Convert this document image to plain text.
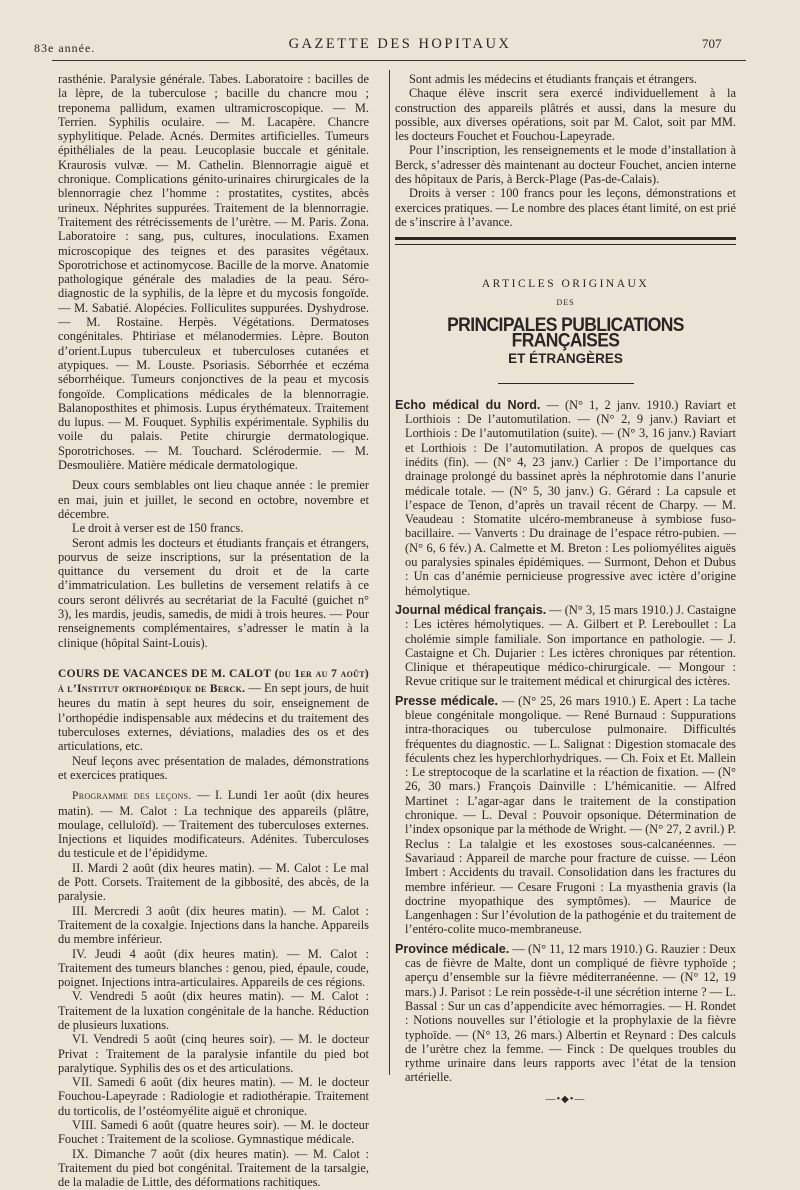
83e année.	GAZETTE DES HOPITAUX	707

rasthénie. Paralysie générale. Tabes. Laboratoire : bacilles de la lèpre, de la tuberculose ; bacille du chancre mou ; treponema pallidum, examen ultramicroscopique. — M. Terrien. Syphilis oculaire. — M. Lacapère. Chancre syphylitique. Pelade. Acnés. Dermites artificielles. Tumeurs épithéliales de la peau. Leucoplasie buccale et génitale. Kraurosis vulvæ. — M. Cathelin. Blennorragie aiguë et chronique. Complications génito-urinaires chirurgicales de la blennorragie chez l’homme : prostatites, cystites, abcès urineux. Néphrites suppurées. Traitement de la blennorragie. Traitement des rétrécissements de l’urètre. — M. Paris. Zona. Laboratoire : sang, pus, cultures, inoculations. Examen microscopique des teignes et des parasites végétaux. Sporotrichose et actinomycose. Bacille de la morve. Anatomie pathologique générale des maladies de la peau. Séro-diagnostic de la syphilis, de la lèpre et du mycosis fongoïde. — M. Sabatié. Alopécies. Folliculites suppurées. Dyshydrose. — M. Rostaine. Herpès. Végétations. Dermatoses congénitales. Phtiriase et mélanodermies. Lèpre. Bouton d’orient.Lupus tuberculeux et tuberculoses cutanées et atypiques. — M. Louste. Psoriasis. Séborrhée et eczéma séborrhéique. Tumeurs conjonctives de la peau et mycosis fongoïde. Complications médicales de la blennorragie. Balanoposthites et phimosis. Lupus érythémateux. Traitement du lupus. — M. Fouquet. Syphilis expérimentale. Syphilis du voile du palais. Petite chirurgie dermatologique. Sporotrichoses. — M. Touchard. Sclérodermie. — M. Desmoulière. Matière médicale dermatologique.

Deux cours semblables ont lieu chaque année : le premier en mai, juin et juillet, le second en octobre, novembre et décembre.

Le droit à verser est de 150 francs.

Seront admis les docteurs et étudiants français et étrangers, pourvus de seize inscriptions, sur la présentation de la quittance du versement du droit et de la carte d’immatriculation. Les bulletins de versement relatifs à ce cours seront délivrés au secrétariat de la Faculté (guichet n° 3), les mardis, jeudis, samedis, de midi à trois heures. — Pour renseignements complémentaires, s’adresser le matin à la clinique (hôpital Saint-Louis).

COURS DE VACANCES DE M. CALOT (du 1er au 7 août) à l’Institut orthopédique de Berck. — En sept jours, de huit heures du matin à sept heures du soir, enseignement de l’orthopédie indispensable aux médecins et du traitement des tuberculoses externes, déviations, maladies des os et des articulations, etc.

Neuf leçons avec présentation de malades, démonstrations et exercices pratiques.

Programme des leçons. — I. Lundi 1er août (dix heures matin). — M. Calot : La technique des appareils (plâtre, moulage, celluloïd). — Traitement des tuberculoses externes. Injections et liquides modificateurs. Adénites. Tuberculoses du testicule et de l’épididyme.

II. Mardi 2 août (dix heures matin). — M. Calot : Le mal de Pott. Corsets. Traitement de la gibbosité, des abcès, de la paralysie.

III. Mercredi 3 août (dix heures matin). — M. Calot : Traitement de la coxalgie. Injections dans la hanche. Appareils du membre inférieur.

IV. Jeudi 4 août (dix heures matin). — M. Calot : Traitement des tumeurs blanches : genou, pied, épaule, coude, poignet. Injections intra-articulaires. Appareils de ces régions.

V. Vendredi 5 août (dix heures matin). — M. Calot : Traitement de la luxation congénitale de la hanche. Réduction de plusieurs luxations.

VI. Vendredi 5 août (cinq heures soir). — M. le docteur Privat : Traitement de la paralysie infantile du pied bot paralytique. Syphilis des os et des articulations.

VII. Samedi 6 août (dix heures matin). — M. le docteur Fouchou-Lapeyrade : Radiologie et radiothérapie. Traitement du torticolis, de l’ostéomyélite aiguë et chronique.

VIII. Samedi 6 août (quatre heures soir). — M. le docteur Fouchet : Traitement de la scoliose. Gymnastique médicale.

IX. Dimanche 7 août (dix heures matin). — M. Calot : Traitement du pied bot congénital. Traitement de la tarsalgie, de la maladie de Little, des déformations rachitiques.

Sont admis les médecins et étudiants français et étrangers.

Chaque élève inscrit sera exercé individuellement à la construction des appareils plâtrés et aussi, dans la mesure du possible, aux diverses opérations, soit par M. Calot, soit par MM. les docteurs Fouchet et Fouchou-Lapeyrade.

Pour l’inscription, les renseignements et le mode d’installation à Berck, s’adresser dès maintenant au docteur Fouchet, ancien interne des hôpitaux de Paris, à Berck-Plage (Pas-de-Calais).

Droits à verser : 100 francs pour les leçons, démonstrations et exercices pratiques. — Le nombre des places étant limité, on est prié de s’inscrire à l’avance.

ARTICLES ORIGINAUX
DES
PRINCIPALES PUBLICATIONS FRANÇAISES
ET ÉTRANGÈRES

Echo médical du Nord. — (N° 1, 2 janv. 1910.) Raviart et Lorthiois : De l’automutilation. — (N° 2, 9 janv.) Raviart et Lorthiois : De l’automutilation (suite). — (N° 3, 16 janv.) Raviart et Lorthiois : De l’automutilation. A propos de quelques cas inédits (fin). — (N° 4, 23 janv.) Carlier : De l’importance du drainage prolongé du bassinet après la néphrotomie dans l’anurie médicale totale. — (N° 5, 30 janv.) G. Gérard : La capsule et l’espace de Tenon, d’après un travail récent de Charpy. — M. Veaudeau : Stomatite ulcéro-membraneuse à symbiose fuso-bacillaire. — Vanverts : Du drainage de l’espace rétro-pubien. — (N° 6, 6 fév.) A. Calmette et M. Breton : Les poliomyélites aiguës ou paralysies spinales épidémiques. — Surmont, Dehon et Dubus : Un cas d’anémie pernicieuse progressive avec ictère d’origine hémolytique.

Journal médical français. — (N° 3, 15 mars 1910.) J. Castaigne : Les ictères hémolytiques. — A. Gilbert et P. Lereboullet : La cholémie simple familiale. Son importance en pathologie. — J. Castaigne et Ch. Dujarier : Les ictères chroniques par rétention. Clinique et thérapeutique médico-chirurgicale. — Mongour : Revue critique sur le traitement médical et chirurgical des ictères.

Presse médicale. — (N° 25, 26 mars 1910.) E. Apert : La tache bleue congénitale mongolique. — René Burnaud : Suppurations intra-thoraciques ou tuberculose pulmonaire. Difficultés fréquentes du diagnostic. — L. Salignat : Digestion stomacale des féculents chez les hyperchlorhydriques. — Ch. Foix et Et. Mallein : Le streptocoque de la scarlatine et la réaction de fixation. — (N° 26, 30 mars.) François Dainville : L’hémicanitie. — Alfred Martinet : L’agar-agar dans le traitement de la constipation chronique. — L. Deval : Pouvoir opsonique. Détermination de l’index opsonique par la méthode de Wright. — (N° 27, 2 avril.) P. Reclus : La talalgie et les exostoses sous-calcanéennes. — Savariaud : Appareil de marche pour fracture de cuisse. — Léon Imbert : Accidents du travail. Consolidation dans les fractures du membre inférieur. — Cesare Frugoni : La myasthenia gravis (la doctrine myopathique des symptômes). — Maurice de Langenhagen : Sur l’évolution de la pathogénie et du traitement de l’entéro-colite muco-membraneuse.

Province médicale. — (N° 11, 12 mars 1910.) G. Rauzier : Deux cas de fièvre de Malte, dont un compliqué de fièvre typhoïde ; aperçu d’ensemble sur la fièvre méditerranéenne. — (N° 12, 19 mars.) J. Parisot : Le rein possède-t-il une sécrétion interne ? — L. Bassal : Sur un cas d’appendicite avec hémorragies. — H. Rondet : Notions nouvelles sur l’étiologie et la prophylaxie de la fièvre typhoïde. — (N° 13, 26 mars.) Albertin et Reynard : Des calculs de l’urètre chez la femme. — Finck : De quelques troubles du rythme urinaire dans leurs rapports avec l’état de la tension artérielle.

—•◆•—
